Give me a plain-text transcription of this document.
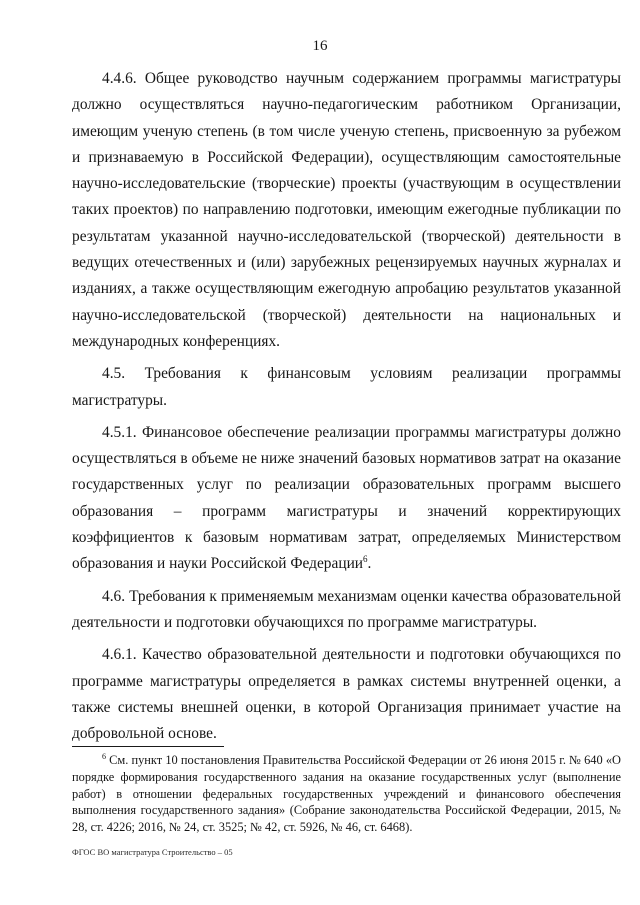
16

4.4.6. Общее руководство научным содержанием программы магистратуры должно осуществляться научно-педагогическим работником Организации, имеющим ученую степень (в том числе ученую степень, присвоенную за рубежом и признаваемую в Российской Федерации), осуществляющим самостоятельные научно-исследовательские (творческие) проекты (участвующим в осуществлении таких проектов) по направлению подготовки, имеющим ежегодные публикации по результатам указанной научно-исследовательской (творческой) деятельности в ведущих отечественных и (или) зарубежных рецензируемых научных журналах и изданиях, а также осуществляющим ежегодную апробацию результатов указанной научно-исследовательской (творческой) деятельности на национальных и международных конференциях.

4.5. Требования к финансовым условиям реализации программы магистратуры.

4.5.1. Финансовое обеспечение реализации программы магистратуры должно осуществляться в объеме не ниже значений базовых нормативов затрат на оказание государственных услуг по реализации образовательных программ высшего образования – программ магистратуры и значений корректирующих коэффициентов к базовым нормативам затрат, определяемых Министерством образования и науки Российской Федерации$^6$.

4.6. Требования к применяемым механизмам оценки качества образовательной деятельности и подготовки обучающихся по программе магистратуры.

4.6.1. Качество образовательной деятельности и подготовки обучающихся по программе магистратуры определяется в рамках системы внутренней оценки, а также системы внешней оценки, в которой Организация принимает участие на добровольной основе.

$^6$ См. пункт 10 постановления Правительства Российской Федерации от 26 июня 2015 г. № 640 «О порядке формирования государственного задания на оказание государственных услуг (выполнение работ) в отношении федеральных государственных учреждений и финансового обеспечения выполнения государственного задания» (Собрание законодательства Российской Федерации, 2015, № 28, ст. 4226; 2016, № 24, ст. 3525; № 42, ст. 5926, № 46, ст. 6468).
ФГОС ВО магистратура Строительство – 05
